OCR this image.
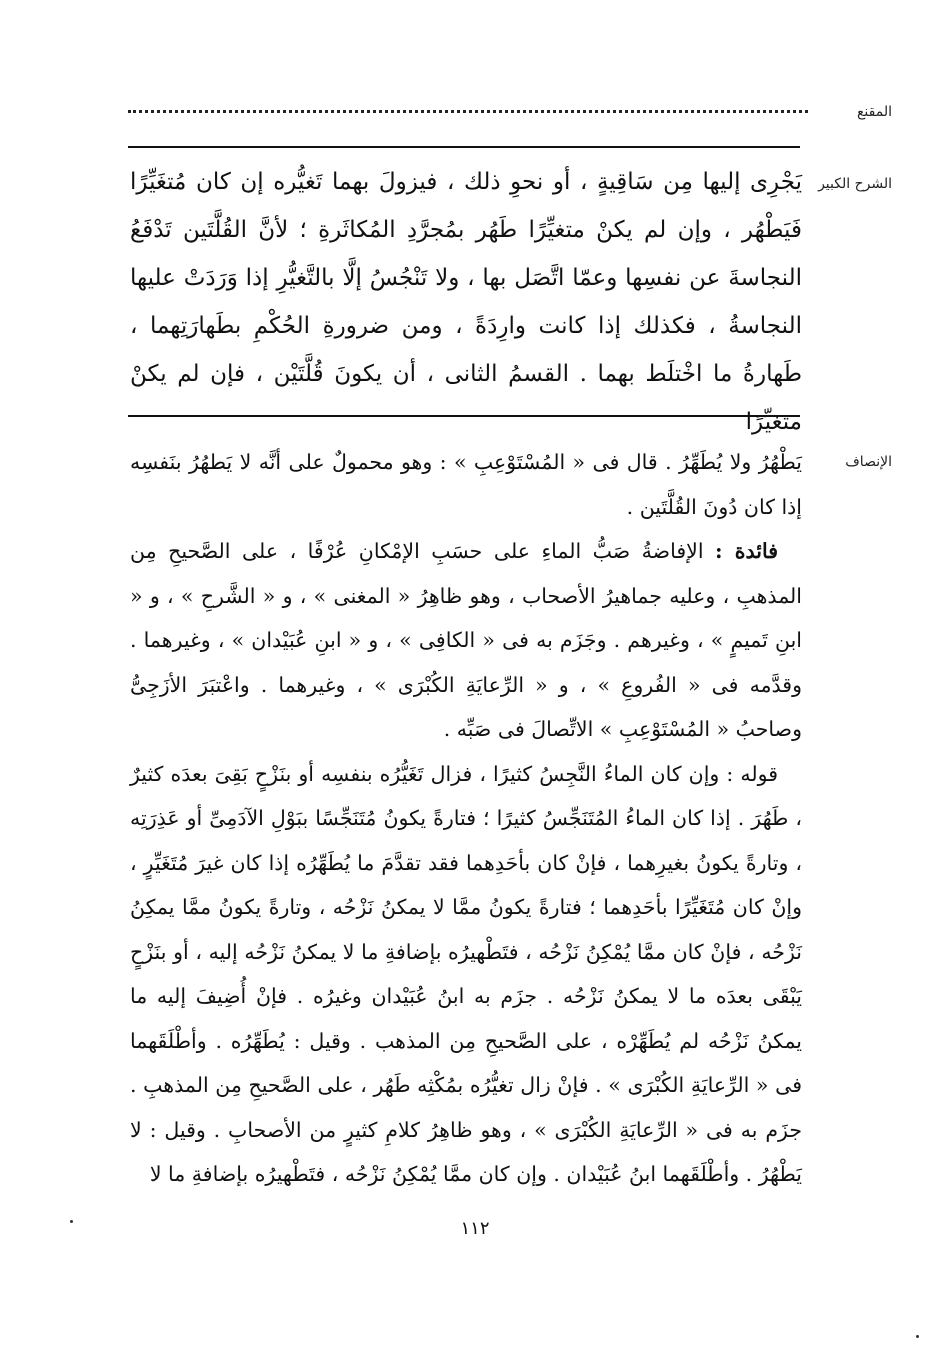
المقنع
الشرح الكبير

يَجْرِى إليها مِن سَاقِيةٍ ، أو نحوِ ذلك ، فيزولَ بهما تَغيُّره إن كان مُتغَيِّرًا فَيَطْهُر ، وإن لم يكنْ متغيِّرًا طَهُر بمُجرَّدِ المُكاثَرةِ ؛ لأنَّ القُلَّتَين تَدْفَعُ النجاسةَ عن نفسِها وعمّا اتَّصَل بها ، ولا تَنْجُسُ إلَّا بالتَّغيُّرِ إذا وَرَدَتْ عليها النجاسةُ ، فكذلك إذا كانت وارِدَةً ، ومن ضرورةِ الحُكْمِ بطَهارَتِهما ، طَهارةُ ما اخْتلَط بهما . القسمُ الثانى ، أن يكونَ قُلَّتَيْن ، فإن لم يكنْ متغيِّرًا

الإنصاف

يَطْهُرُ ولا يُطَهِّرُ . قال فى « المُسْتَوْعِبِ » : وهو محمولٌ على أنَّه لا يَطهُرُ بنَفسِه إذا كان دُونَ القُلَّتَين .

فائدة : الإفاضةُ صَبُّ الماءِ على حسَبِ الإمْكانِ عُرْفًا ، على الصَّحيحِ مِن المذهبِ ، وعليه جماهيرُ الأصحاب ، وهو ظاهِرُ « المغنى » ، و « الشَّرحِ » ، و « ابنِ تَميمٍ » ، وغيرهم . وجَزَم به فى « الكافِى » ، و « ابنِ عُبَيْدان » ، وغيرهما . وقدَّمه فى « الفُروعِ » ، و « الرِّعايَةِ الكُبْرَى » ، وغيرهما . واعْتبَرَ الأزَجِىُّ وصاحبُ « المُسْتَوْعِبِ » الاتِّصالَ فى صَبِّه .

قوله : وإن كان الماءُ النَّجِسُ كثيرًا ، فزال تَغَيُّرُه بنفسِه أو بنَزْحٍ بَقِىَ بعدَه كثيرٌ ، طَهُرَ . إذا كان الماءُ المُتَنَجِّسُ كثيرًا ؛ فتارةً يكونُ مُتَنَجِّسًا ببَوْلِ الآدَمِىِّ أو عَذِرَتِه ، وتارةً يكونُ بغيرِهما ، فإنْ كان بأحَدِهما فقد تقدَّمَ ما يُطَهِّرُه إذا كان غيرَ مُتَغَيِّرٍ ، وإنْ كان مُتَغَيِّرًا بأحَدِهما ؛ فتارةً يكونُ ممَّا لا يمكنُ نَزْحُه ، وتارةً يكونُ ممَّا يمكِنُ نَزْحُه ، فإنْ كان ممَّا يُمْكِنُ نَزْحُه ، فتَطْهيرُه بإضافةِ ما لا يمكنُ نَزْحُه إليه ، أو بنَزْحٍ يَبْقَى بعدَه ما لا يمكنُ نَزْحُه . جزَم به ابنُ عُبَيْدان وغيرُه . فإنْ أُضِيفَ إليه ما يمكنُ نَزْحُه لم يُطَهِّرْه ، على الصَّحيحِ مِن المذهب . وقيل : يُطَهِّرُه . وأطْلَقَهما فى « الرِّعايَةِ الكُبْرَى » . فإنْ زال تغيُّرُه بمُكْثِه طَهُر ، على الصَّحيحِ مِن المذهبِ . جزَم به فى « الرِّعايَةِ الكُبْرَى » ، وهو ظاهِرُ كلامِ كثيرٍ من الأصحابِ . وقيل : لا يَطْهُرُ . وأطْلَقَهما ابنُ عُبَيْدان . وإن كان ممَّا يُمْكِنُ نَزْحُه ، فتَطْهيرُه بإضافةِ ما لا

١١٢
